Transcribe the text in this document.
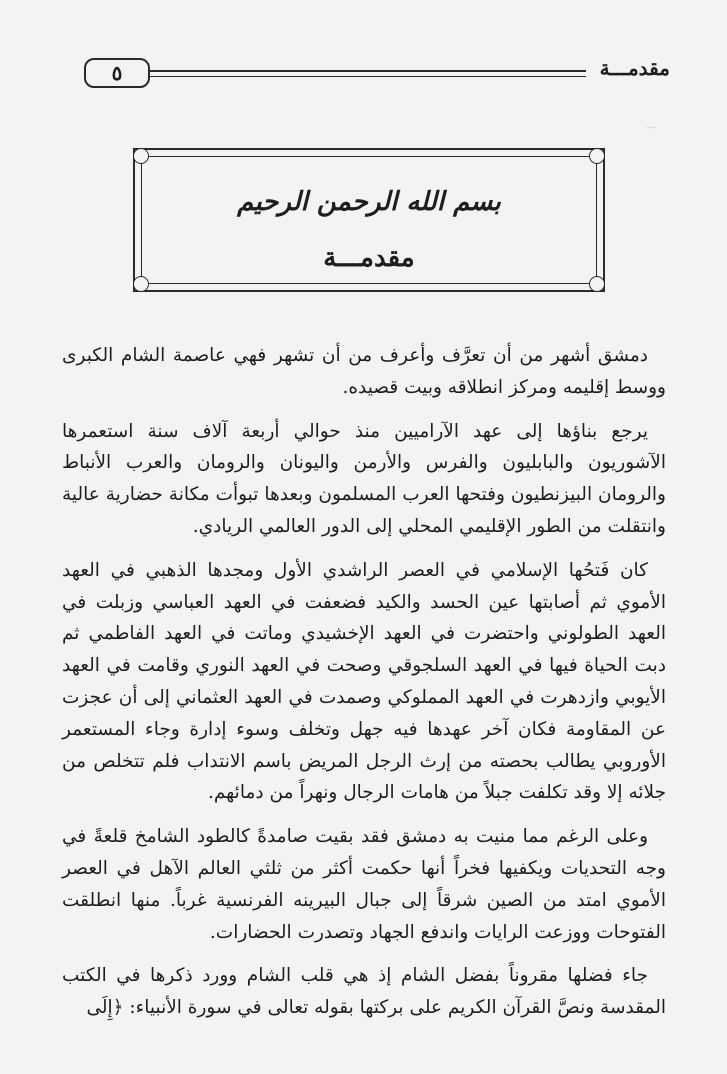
~
٥	مقدمـــة
بسم الله الرحمن الرحيم
مقدمـــة

دمشق أشهر من أن تعرَّف وأعرف من أن تشهر فهي عاصمة الشام الكبرى ووسط إقليمه ومركز انطلاقه وبيت قصيده.

يرجع بناؤها إلى عهد الآراميين منذ حوالي أربعة آلاف سنة استعمرها الآشوريون والبابليون والفرس والأرمن واليونان والرومان والعرب الأنباط والرومان البيزنطيون وفتحها العرب المسلمون وبعدها تبوأت مكانة حضارية عالية وانتقلت من الطور الإقليمي المحلي إلى الدور العالمي الريادي.

كان فَتحُها الإسلامي في العصر الراشدي الأول ومجدها الذهبي في العهد الأموي ثم أصابتها عين الحسد والكيد فضعفت في العهد العباسي وزبلت في العهد الطولوني واحتضرت في العهد الإخشيدي وماتت في العهد الفاطمي ثم دبت الحياة فيها في العهد السلجوقي وصحت في العهد النوري وقامت في العهد الأيوبي وازدهرت في العهد المملوكي وصمدت في العهد العثماني إلى أن عجزت عن المقاومة فكان آخر عهدها فيه جهل وتخلف وسوء إدارة وجاء المستعمر الأوروبي يطالب بحصته من إرث الرجل المريض باسم الانتداب فلم تتخلص من جلائه إلا وقد تكلفت جبلاً من هامات الرجال ونهراً من دمائهم.

وعلى الرغم مما منيت به دمشق فقد بقيت صامدةً كالطود الشامخ قلعةً في وجه التحديات ويكفيها فخراً أنها حكمت أكثر من ثلثي العالم الآهل في العصر الأموي امتد من الصين شرقاً إلى جبال البيرينه الفرنسية غرباً. منها انطلقت الفتوحات ووزعت الرايات واندفع الجهاد وتصدرت الحضارات.

جاء فضلها مقروناً بفضل الشام إذ هي قلب الشام وورد ذكرها في الكتب المقدسة ونصَّ القرآن الكريم على بركتها بقوله تعالى في سورة الأنبياء: ﴿إِلَى
